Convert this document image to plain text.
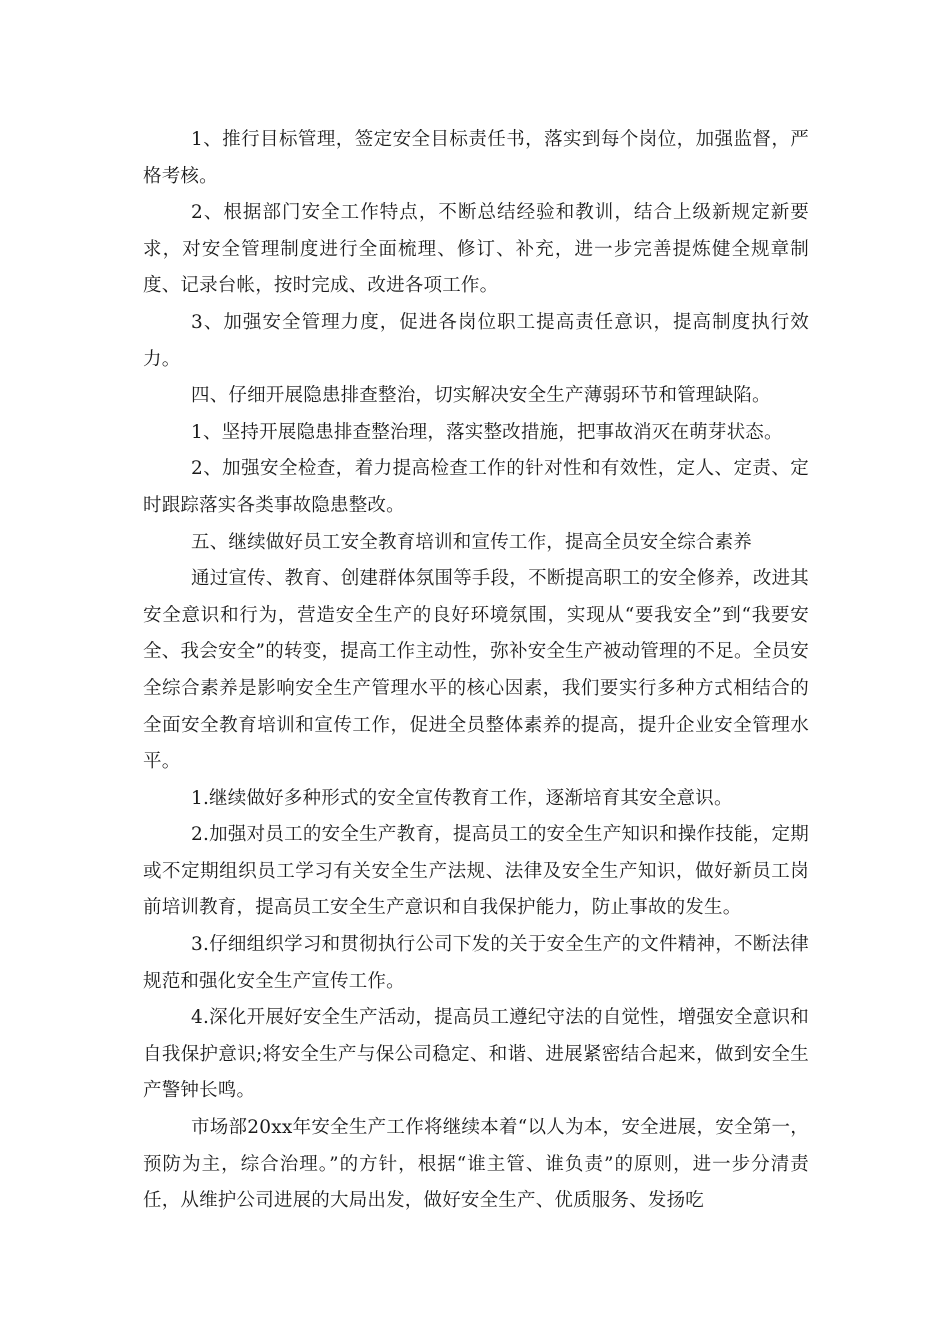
1、推行目标管理，签定安全目标责任书，落实到每个岗位，加强监督，严格考核。

2、根据部门安全工作特点，不断总结经验和教训，结合上级新规定新要求，对安全管理制度进行全面梳理、修订、补充，进一步完善提炼健全规章制度、记录台帐，按时完成、改进各项工作。

3、加强安全管理力度，促进各岗位职工提高责任意识，提高制度执行效力。

四、仔细开展隐患排查整治，切实解决安全生产薄弱环节和管理缺陷。

1、坚持开展隐患排查整治理，落实整改措施，把事故消灭在萌芽状态。

2、加强安全检查，着力提高检查工作的针对性和有效性，定人、定责、定时跟踪落实各类事故隐患整改。

五、继续做好员工安全教育培训和宣传工作，提高全员安全综合素养

通过宣传、教育、创建群体氛围等手段，不断提高职工的安全修养，改进其安全意识和行为，营造安全生产的良好环境氛围，实现从“要我安全”到“我要安全、我会安全”的转变，提高工作主动性，弥补安全生产被动管理的不足。全员安全综合素养是影响安全生产管理水平的核心因素，我们要实行多种方式相结合的全面安全教育培训和宣传工作，促进全员整体素养的提高，提升企业安全管理水平。

1.继续做好多种形式的安全宣传教育工作，逐渐培育其安全意识。

2.加强对员工的安全生产教育，提高员工的安全生产知识和操作技能，定期或不定期组织员工学习有关安全生产法规、法律及安全生产知识，做好新员工岗前培训教育，提高员工安全生产意识和自我保护能力，防止事故的发生。

3.仔细组织学习和贯彻执行公司下发的关于安全生产的文件精神，不断法律规范和强化安全生产宣传工作。

4.深化开展好安全生产活动，提高员工遵纪守法的自觉性，增强安全意识和自我保护意识;将安全生产与保公司稳定、和谐、进展紧密结合起来，做到安全生产警钟长鸣。

市场部20xx年安全生产工作将继续本着“以人为本，安全进展，安全第一，预防为主，综合治理。”的方针，根据“谁主管、谁负责”的原则，进一步分清责任，从维护公司进展的大局出发，做好安全生产、优质服务、发扬吃
